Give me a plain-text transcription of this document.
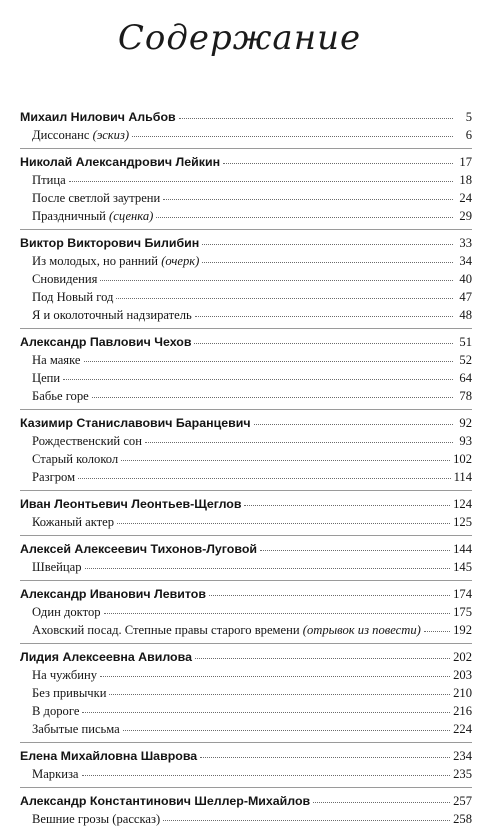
Содержание
Михаил Нилович Альбов	5
Диссонанс (эскиз)	6
Николай Александрович Лейкин	17
Птица	18
После светлой заутрени	24
Праздничный (сценка)	29
Виктор Викторович Билибин	33
Из молодых, но ранний (очерк)	34
Сновидения	40
Под Новый год	47
Я и околоточный надзиратель	48
Александр Павлович Чехов	51
На маяке	52
Цепи	64
Бабье горе	78
Казимир Станиславович Баранцевич	92
Рождественский сон	93
Старый колокол	102
Разгром	114
Иван Леонтьевич Леонтьев-Щеглов	124
Кожаный актер	125
Алексей Алексеевич Тихонов-Луговой	144
Швейцар	145
Александр Иванович Левитов	174
Один доктор	175
Аховский посад. Степные правы старого времени (отрывок из повести)	192
Лидия Алексеевна Авилова	202
На чужбину	203
Без привычки	210
В дороге	216
Забытые письма	224
Елена Михайловна Шаврова	234
Маркиза	235
Александр Константинович Шеллер-Михайлов	257
Вешние грозы (рассказ)	258
